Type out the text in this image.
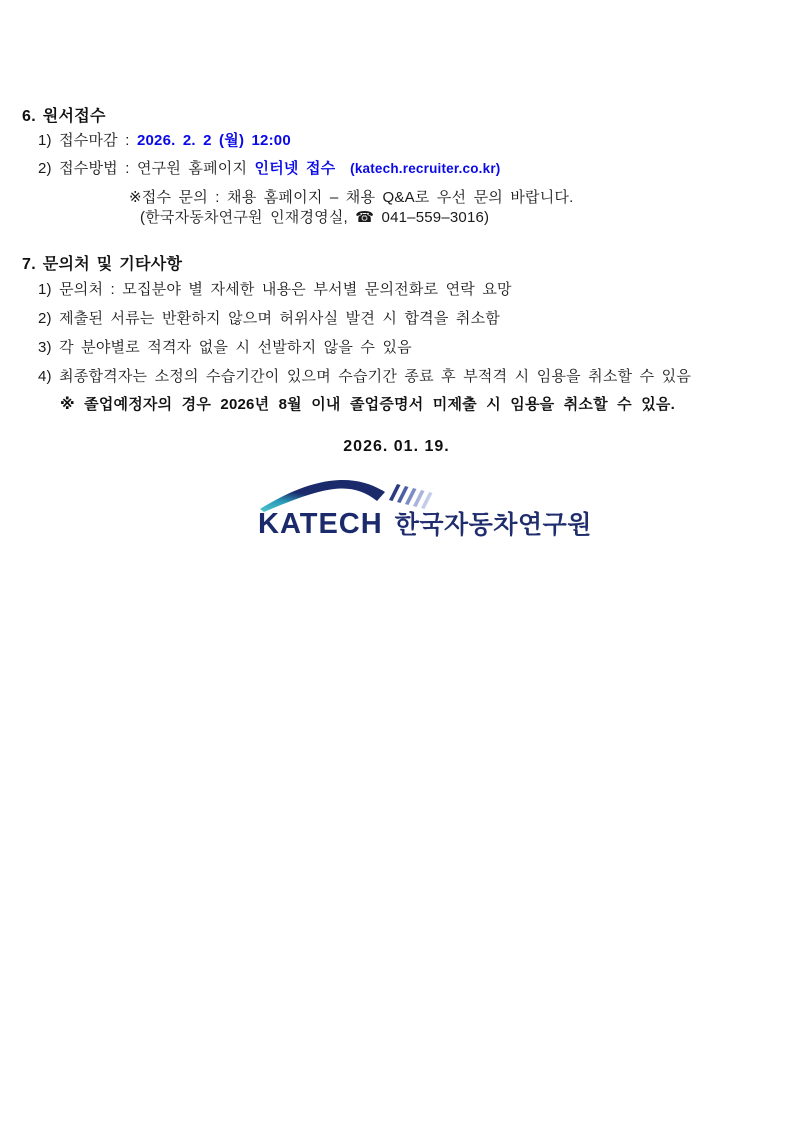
6. 원서접수
1) 접수마감 : 2026. 2. 2 (월) 12:00
2) 접수방법 : 연구원 홈페이지 인터넷 접수 (katech.recruiter.co.kr)
※접수 문의 : 채용 홈페이지 – 채용 Q&A로 우선 문의 바랍니다.
(한국자동차연구원 인재경영실, ☎ 041–559–3016)
7. 문의처 및 기타사항
1) 문의처 : 모집분야 별 자세한 내용은 부서별 문의전화로 연락 요망
2) 제출된 서류는 반환하지 않으며 허위사실 발견 시 합격을 취소함
3) 각 분야별로 적격자 없을 시 선발하지 않을 수 있음
4) 최종합격자는 소정의 수습기간이 있으며 수습기간 종료 후 부적격 시 임용을 취소할 수 있음
※ 졸업예정자의 경우 2026년 8월 이내 졸업증명서 미제출 시 임용을 취소할 수 있음.
2026. 01. 19.
KATECH 한국자동차연구원
